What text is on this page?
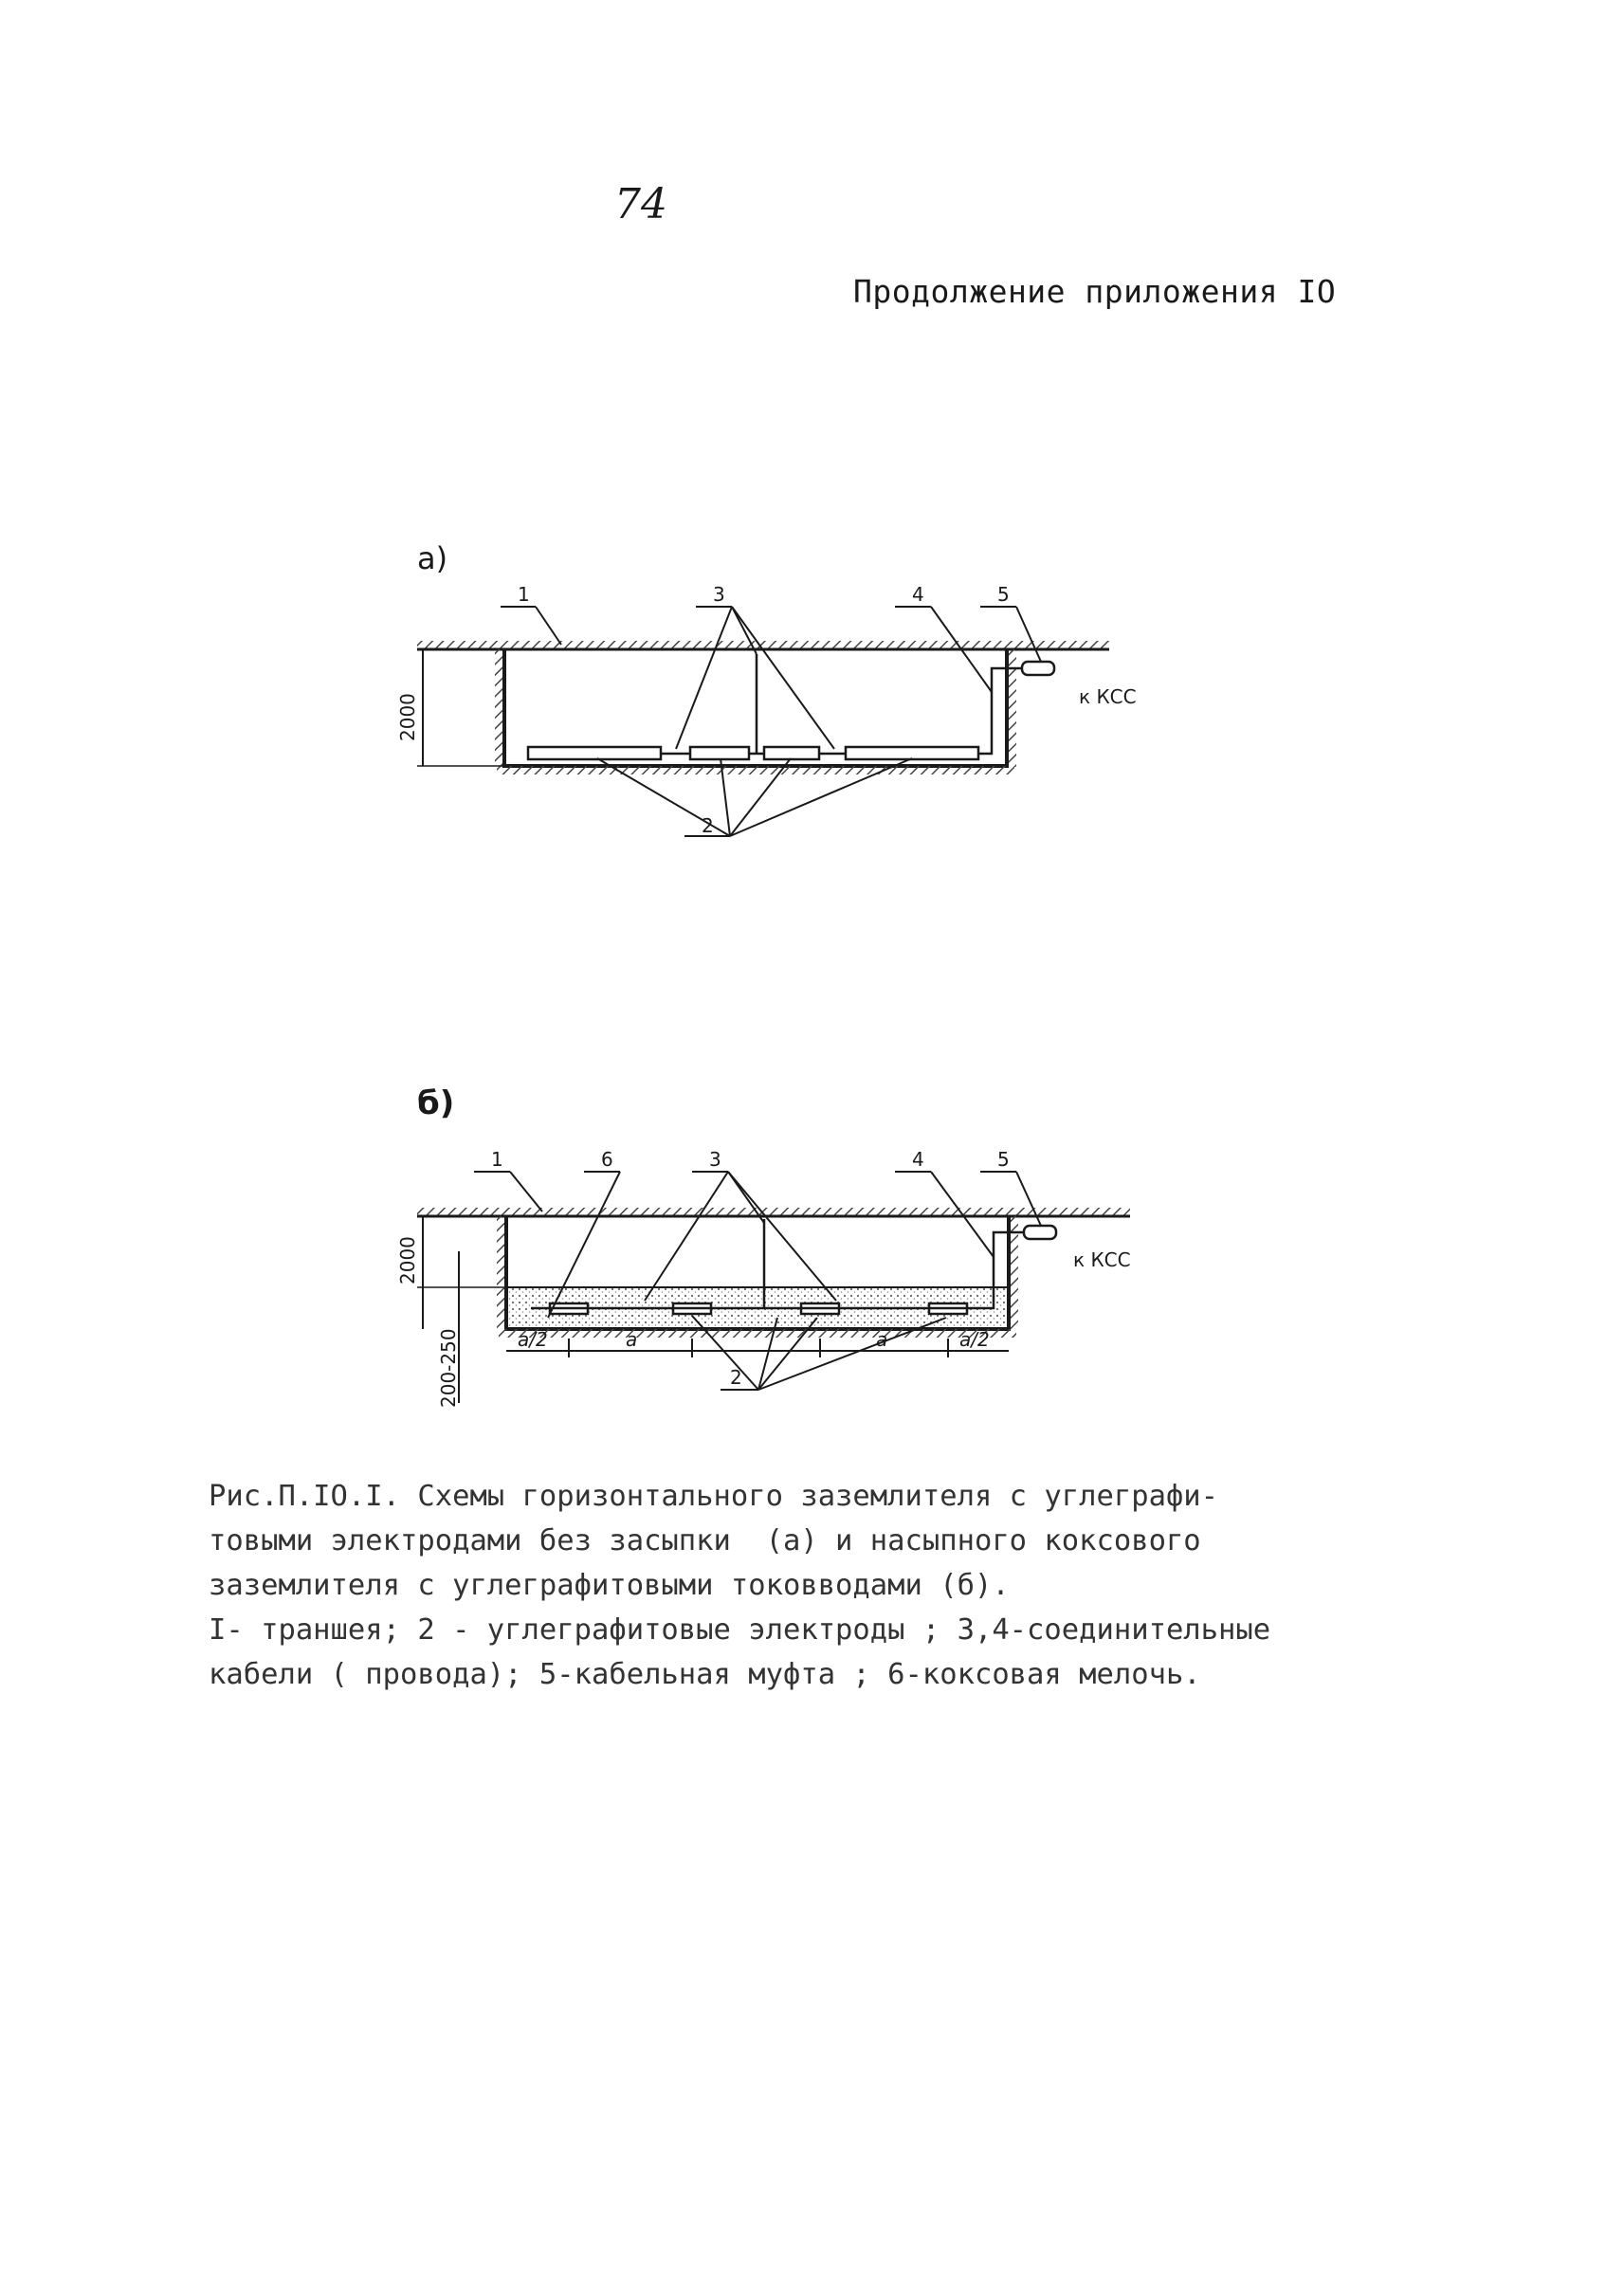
74
Продолжение приложения IO
а)
к КСС
2000
1	3	4	5
2
б)
к КСС
2000
200-250	a/2	a	a	a/2
1	6	3	4	5
2

Рис.П.IO.I. Схемы горизонтального заземлителя с углеграфи-

товыми электродами без засыпки  (а) и насыпного коксового

заземлителя с углеграфитовыми токовводами (б).

I- траншея; 2 - углеграфитовые электроды ; 3,4-соединительные

кабели ( провода); 5-кабельная муфта ; 6-коксовая мелочь.
